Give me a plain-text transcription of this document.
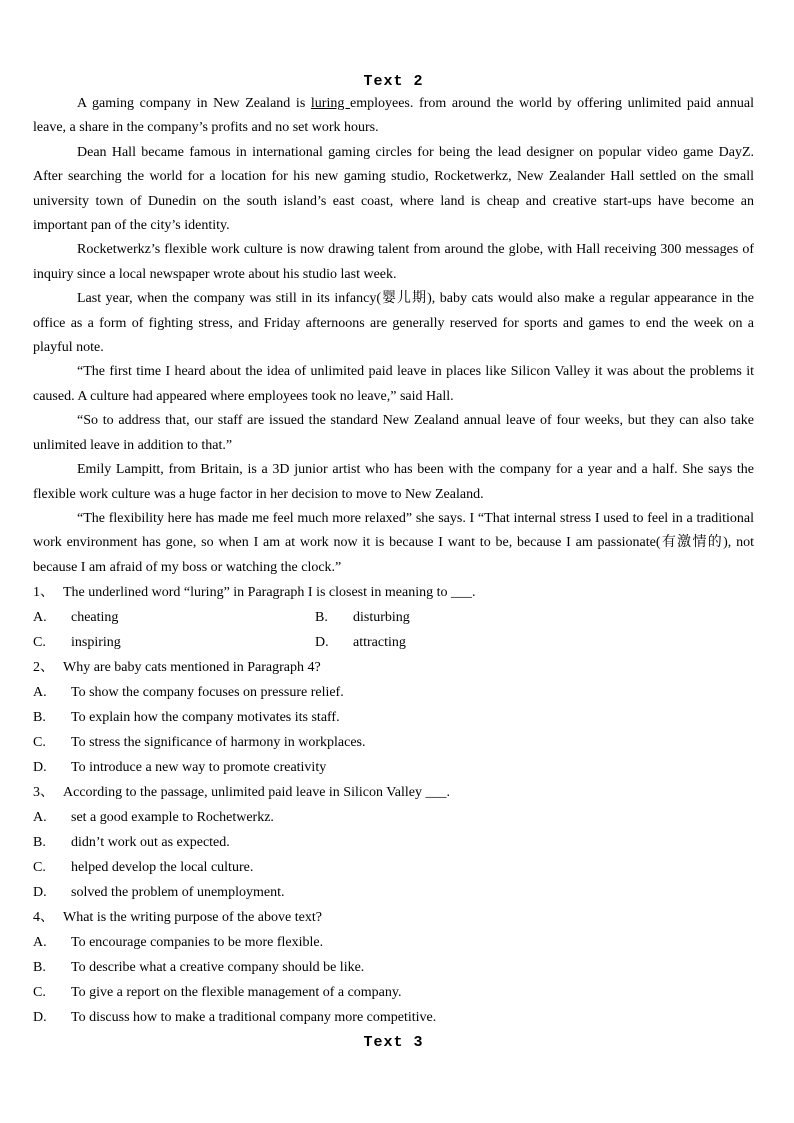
Text 2

A gaming company in New Zealand is luring employees. from around the world by offering unlimited paid annual leave, a share in the company’s profits and no set work hours.

Dean Hall became famous in international gaming circles for being the lead designer on popular video game DayZ. After searching the world for a location for his new gaming studio, Rocketwerkz, New Zealander Hall settled on the small university town of Dunedin on the south island’s east coast, where land is cheap and creative start-ups have become an important pan of the city’s identity.

Rocketwerkz’s flexible work culture is now drawing talent from around the globe, with Hall receiving 300 messages of inquiry since a local newspaper wrote about his studio last week.

Last year, when the company was still in its infancy(婴儿期), baby cats would also make a regular appearance in the office as a form of fighting stress, and Friday afternoons are generally reserved for sports and games to end the week on a playful note.

“The first time I heard about the idea of unlimited paid leave in places like Silicon Valley it was about the problems it caused. A culture had appeared where employees took no leave,” said Hall.

“So to address that, our staff are issued the standard New Zealand annual leave of four weeks, but they can also take unlimited leave in addition to that.”

Emily Lampitt, from Britain, is a 3D junior artist who has been with the company for a year and a half. She says the flexible work culture was a huge factor in her decision to move to New Zealand.

“The flexibility here has made me feel much more relaxed” she says. I “That internal stress I used to feel in a traditional work environment has gone, so when I am at work now it is because I want to be, because I am passionate(有激情的), not because I am afraid of my boss or watching the clock.”

1、 The underlined word “luring” in Paragraph I is closest in meaning to ___.
A. cheating	B. disturbing
C. inspiring	D. attracting
2、 Why are baby cats mentioned in Paragraph 4?
A. To show the company focuses on pressure relief.
B. To explain how the company motivates its staff.
C. To stress the significance of harmony in workplaces.
D. To introduce a new way to promote creativity
3、 According to the passage, unlimited paid leave in Silicon Valley ___.
A. set a good example to Rochetwerkz.
B. didn’t work out as expected.
C. helped develop the local culture.
D. solved the problem of unemployment.
4、 What is the writing purpose of the above text?
A. To encourage companies to be more flexible.
B. To describe what a creative company should be like.
C. To give a report on the flexible management of a company.
D. To discuss how to make a traditional company more competitive.
Text 3
